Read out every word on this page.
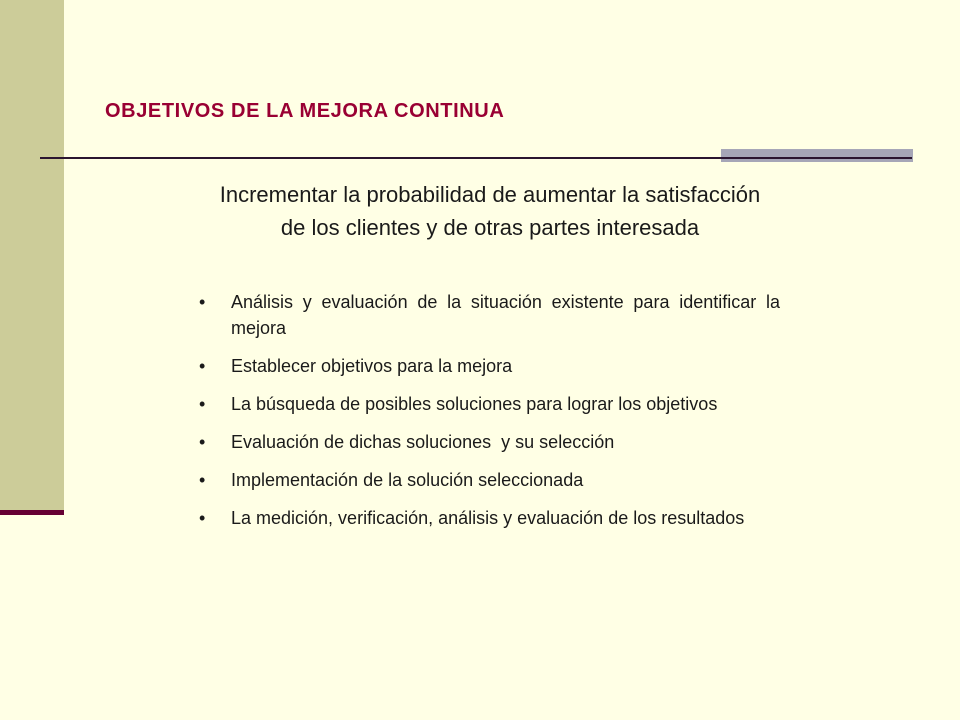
OBJETIVOS DE LA MEJORA CONTINUA

Incrementar la probabilidad de aumentar la satisfacción de los clientes y de otras partes interesada

• Análisis y evaluación de la situación existente para identificar la mejora
• Establecer objetivos para la mejora
• La búsqueda de posibles soluciones para lograr los objetivos
• Evaluación de dichas soluciones  y su selección
• Implementación de la solución seleccionada
• La medición, verificación, análisis y evaluación de los resultados
